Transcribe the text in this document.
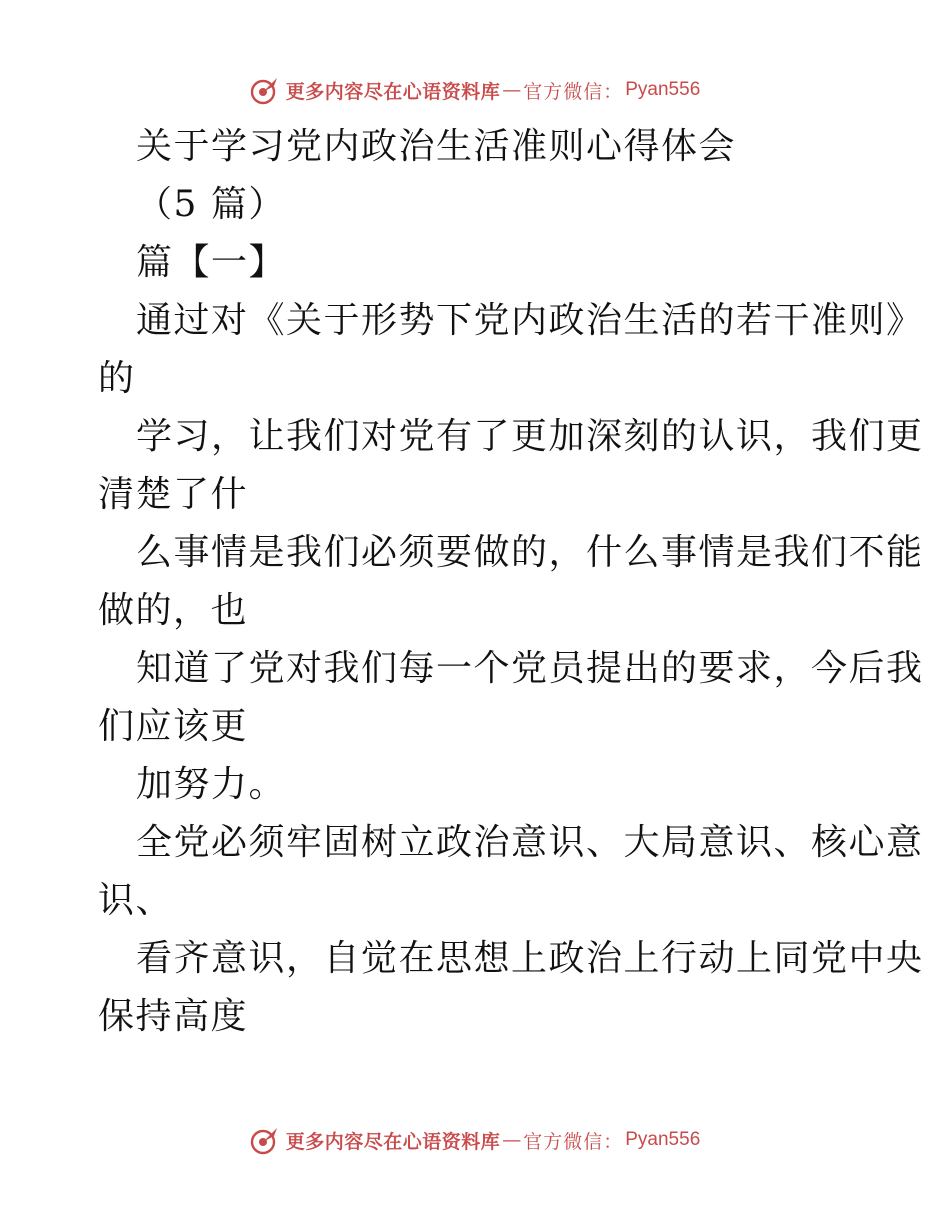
更多内容尽在心语资料库 — 官方微信： Pyan556
关于学习党内政治生活准则心得体会
（5 篇）
篇【一】
通过对《关于形势下党内政治生活的若干准则》
的
学习，让我们对党有了更加深刻的认识，我们更
清楚了什
么事情是我们必须要做的，什么事情是我们不能
做的，也
知道了党对我们每一个党员提出的要求，今后我
们应该更
加努力。
全党必须牢固树立政治意识、大局意识、核心意
识、
看齐意识，自觉在思想上政治上行动上同党中央
保持高度
更多内容尽在心语资料库 — 官方微信： Pyan556
